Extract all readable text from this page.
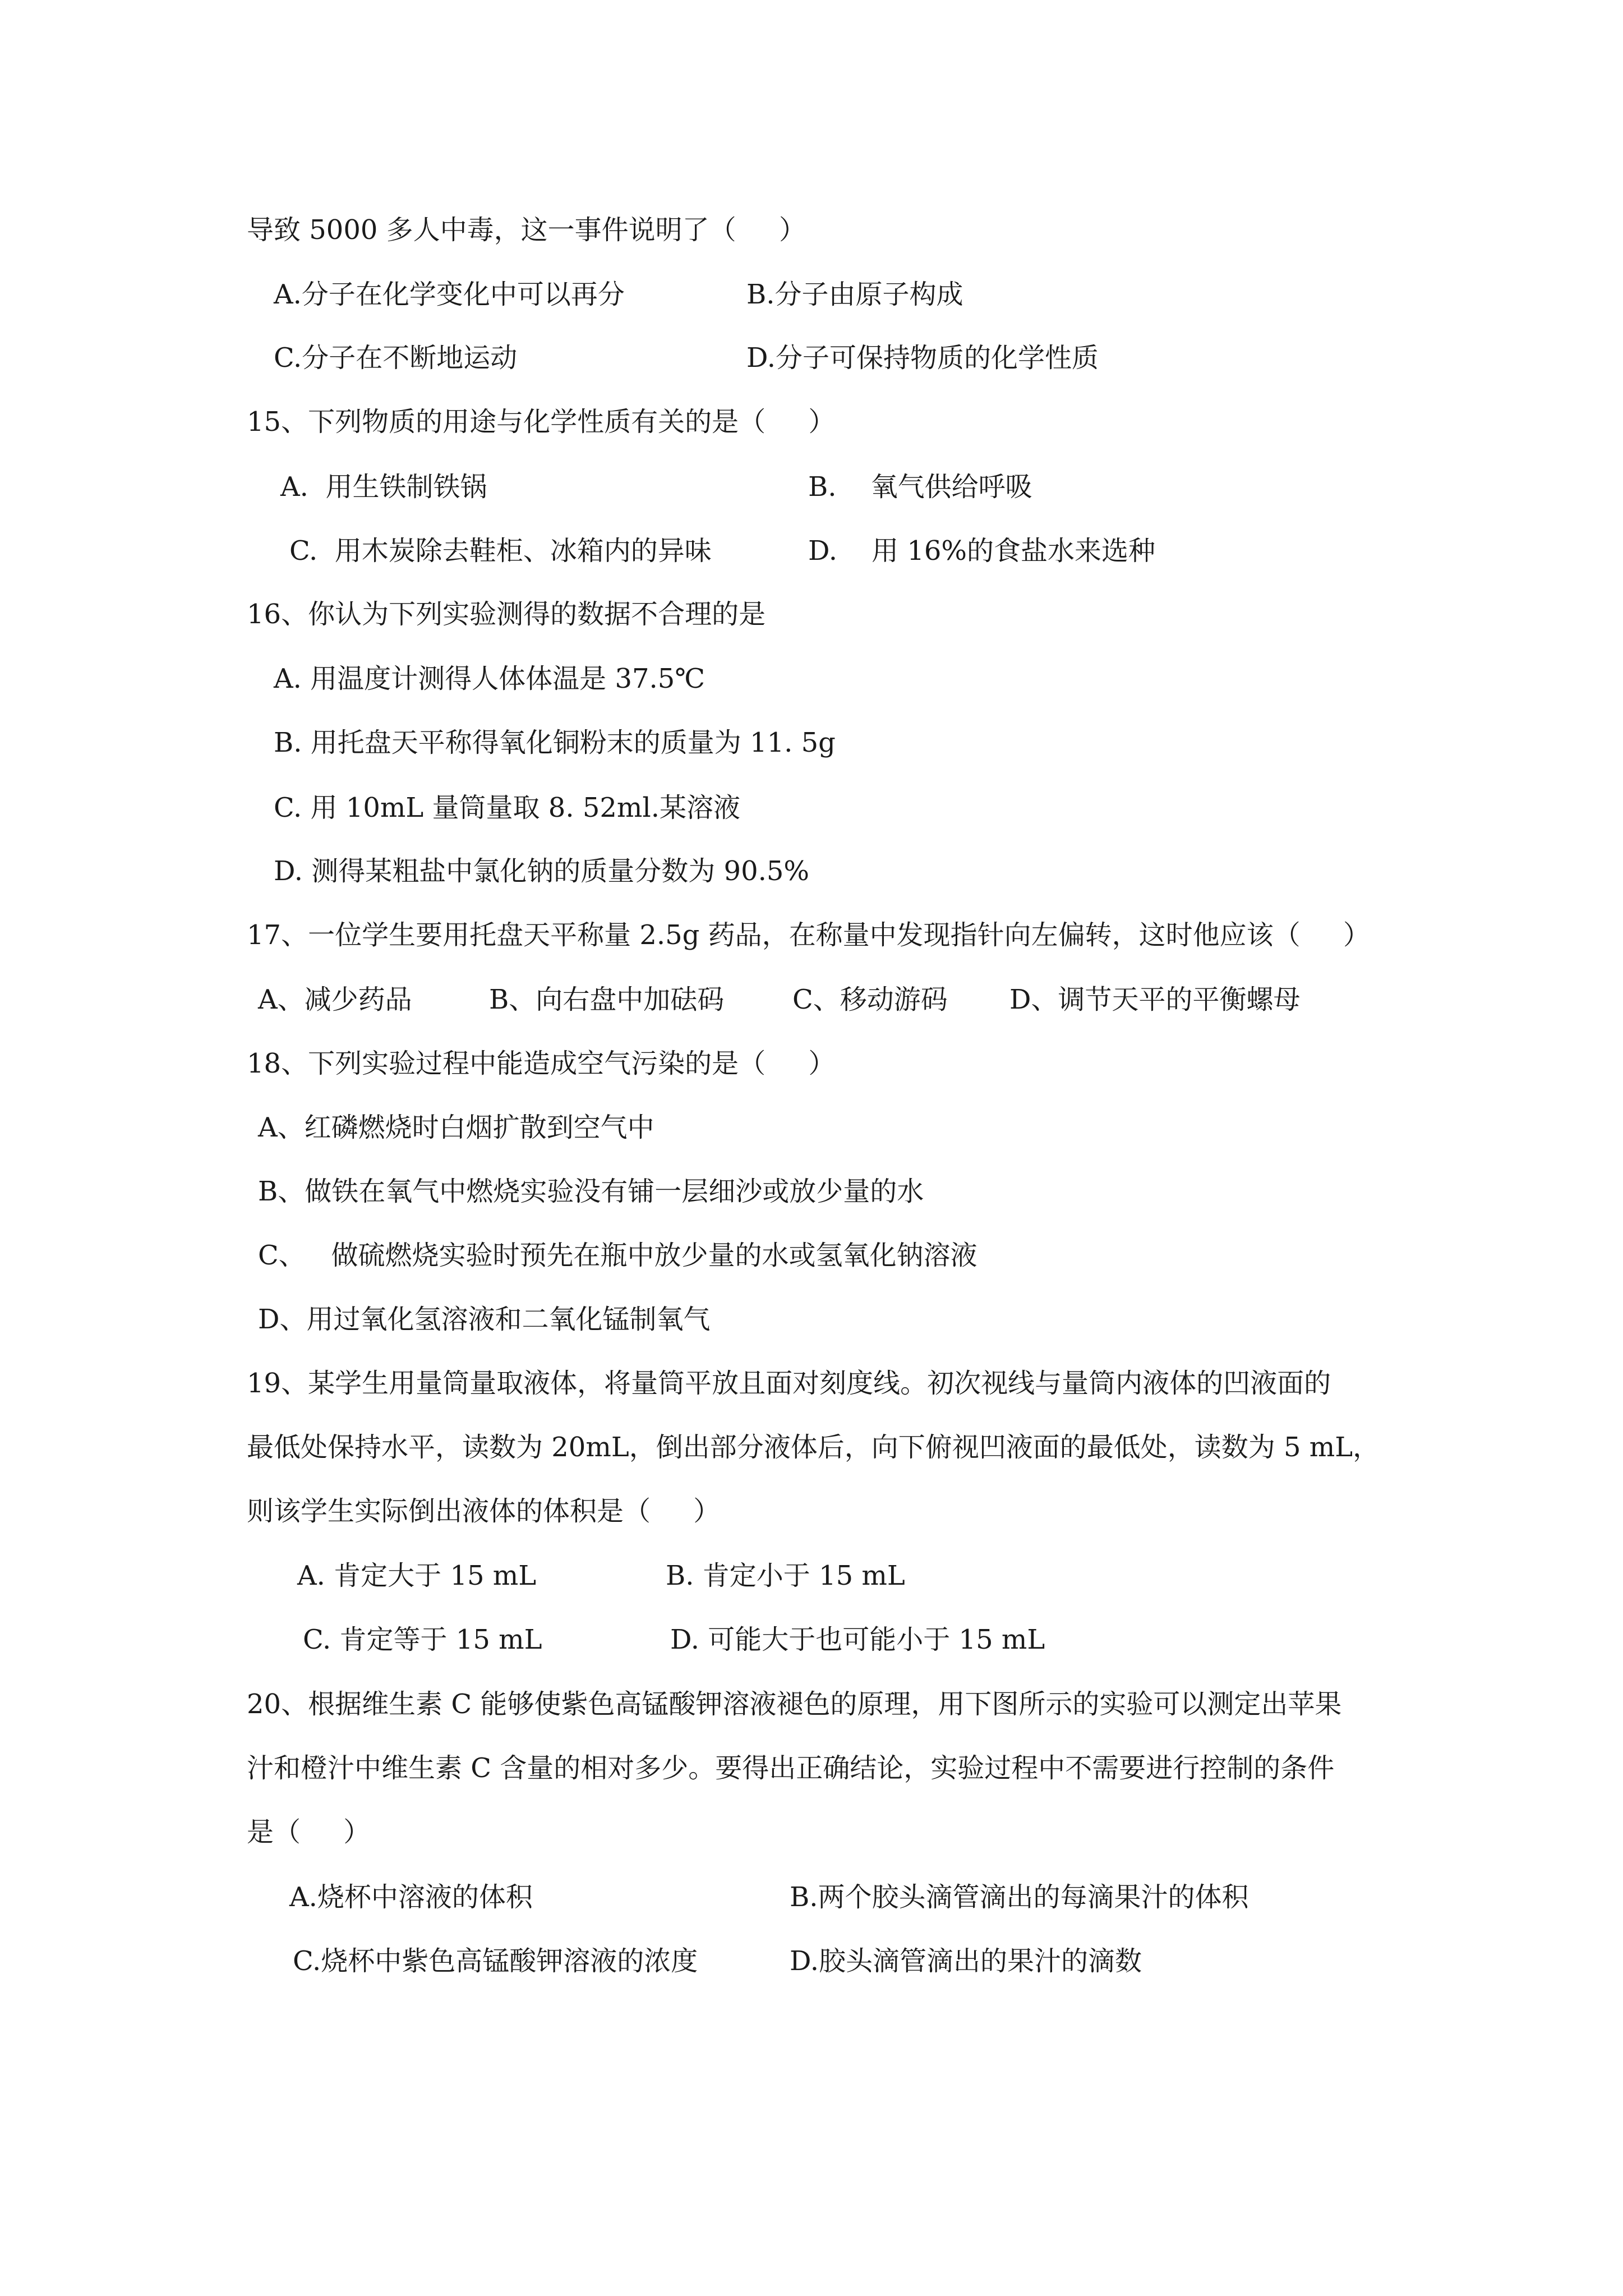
导致 5000 多人中毒，这一事件说明了（     ）

A.分子在化学变化中可以再分	B.分子由原子构成

C.分子在不断地运动	D.分子可保持物质的化学性质

15、下列物质的用途与化学性质有关的是（     ）

A.  用生铁制铁锅	B.    氧气供给呼吸

C.  用木炭除去鞋柜、冰箱内的异味	D.    用 16%的食盐水来选种

16、你认为下列实验测得的数据不合理的是

A. 用温度计测得人体体温是 37.5℃

B. 用托盘天平称得氧化铜粉末的质量为 11. 5g

C. 用 10mL 量筒量取 8. 52ml.某溶液

D. 测得某粗盐中氯化钠的质量分数为 90.5%

17、一位学生要用托盘天平称量 2.5g 药品，在称量中发现指针向左偏转，这时他应该（     ）

A、减少药品	B、向右盘中加砝码	C、移动游码 D、调节天平的平衡螺母

18、下列实验过程中能造成空气污染的是（     ）

A、红磷燃烧时白烟扩散到空气中

B、做铁在氧气中燃烧实验没有铺一层细沙或放少量的水

C、   做硫燃烧实验时预先在瓶中放少量的水或氢氧化钠溶液

D、用过氧化氢溶液和二氧化锰制氧气

19、某学生用量筒量取液体，将量筒平放且面对刻度线。初次视线与量筒内液体的凹液面的

最低处保持水平，读数为 20mL，倒出部分液体后，向下俯视凹液面的最低处，读数为 5 mL，

则该学生实际倒出液体的体积是（     ）

A. 肯定大于 15 mL	B. 肯定小于 15 mL

C. 肯定等于 15 mL	D. 可能大于也可能小于 15 mL

20、根据维生素 C 能够使紫色高锰酸钾溶液褪色的原理，用下图所示的实验可以测定出苹果

汁和橙汁中维生素 C 含量的相对多少。要得出正确结论，实验过程中不需要进行控制的条件

是（     ）

A.烧杯中溶液的体积	B.两个胶头滴管滴出的每滴果汁的体积

C.烧杯中紫色高锰酸钾溶液的浓度	D.胶头滴管滴出的果汁的滴数
